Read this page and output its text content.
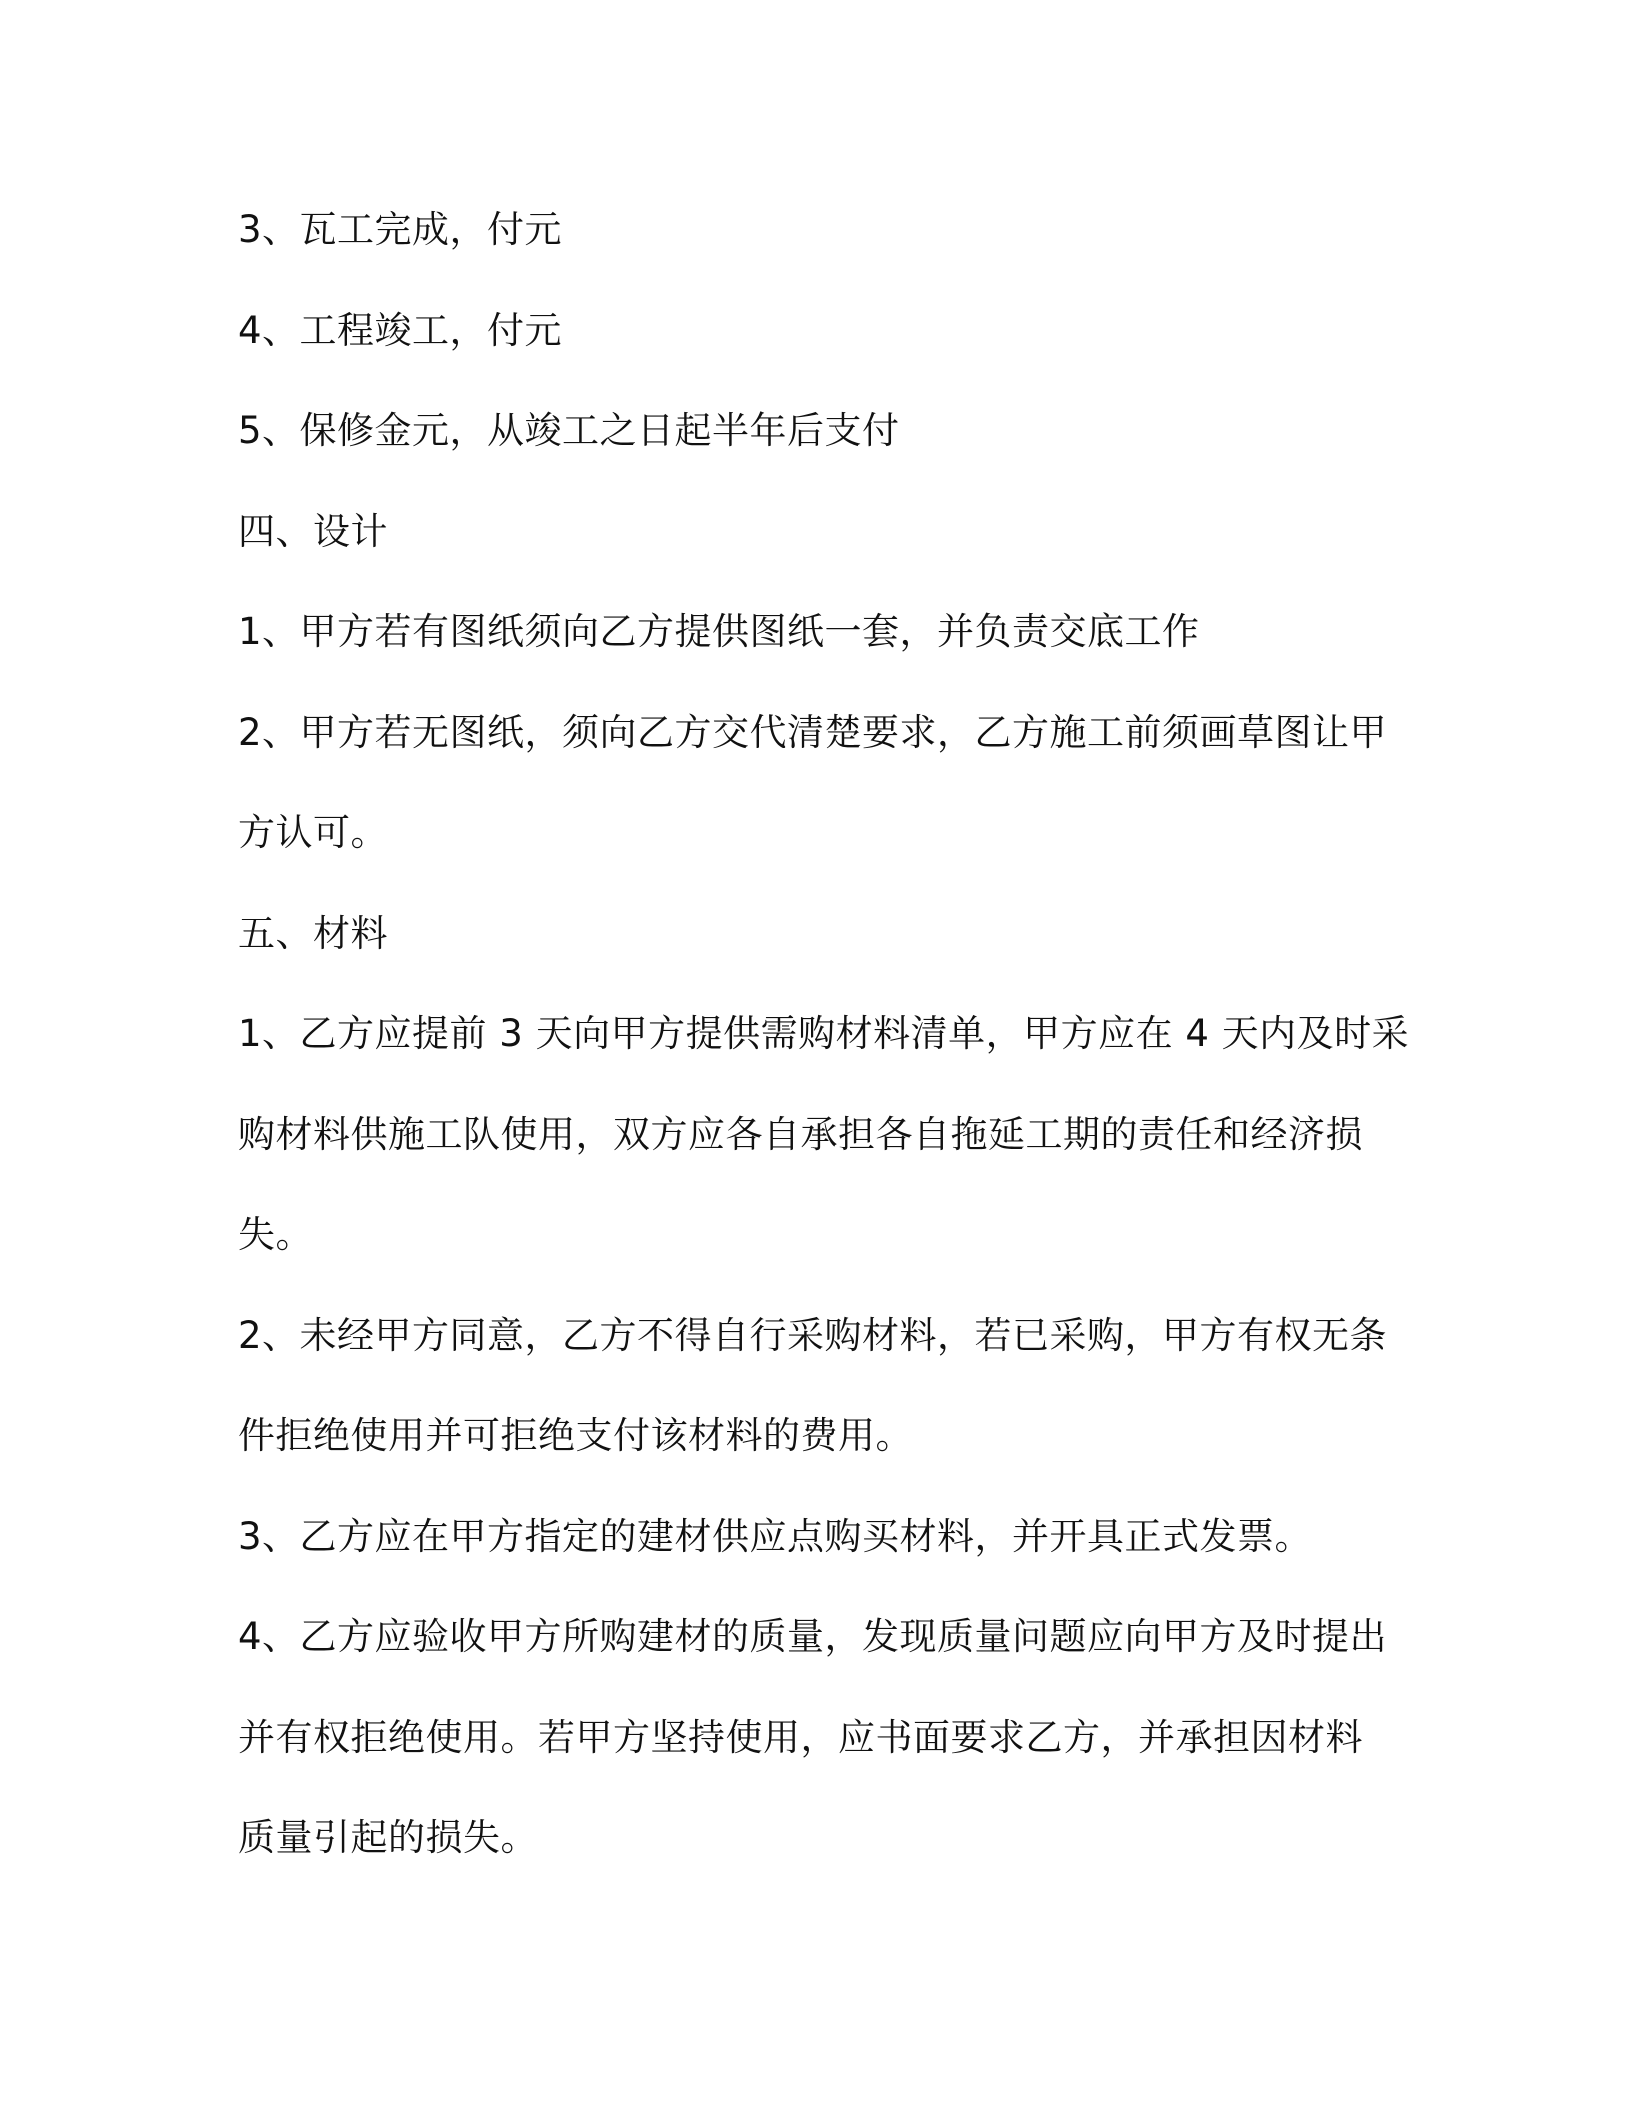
3、瓦工完成，付元

4、工程竣工，付元

5、保修金元，从竣工之日起半年后支付

四、设计

1、甲方若有图纸须向乙方提供图纸一套，并负责交底工作

2、甲方若无图纸，须向乙方交代清楚要求，乙方施工前须画草图让甲

方认可。

五、材料

1、乙方应提前 3 天向甲方提供需购材料清单，甲方应在 4 天内及时采

购材料供施工队使用，双方应各自承担各自拖延工期的责任和经济损

失。

2、未经甲方同意，乙方不得自行采购材料，若已采购，甲方有权无条

件拒绝使用并可拒绝支付该材料的费用。

3、乙方应在甲方指定的建材供应点购买材料，并开具正式发票。

4、乙方应验收甲方所购建材的质量，发现质量问题应向甲方及时提出

并有权拒绝使用。若甲方坚持使用，应书面要求乙方，并承担因材料

质量引起的损失。
